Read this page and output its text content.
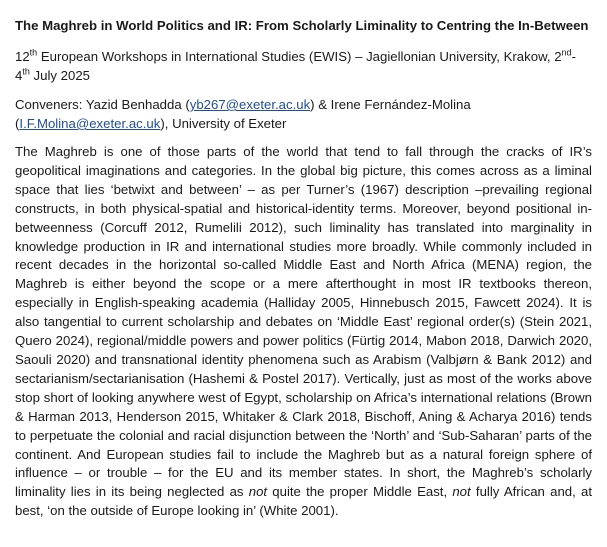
The Maghreb in World Politics and IR: From Scholarly Liminality to Centring the In-Between
12th European Workshops in International Studies (EWIS) – Jagiellonian University, Krakow, 2nd-
4th July 2025
Conveners: Yazid Benhadda (yb267@exeter.ac.uk) & Irene Fernández-Molina
(I.F.Molina@exeter.ac.uk), University of Exeter
The Maghreb is one of those parts of the world that tend to fall through the cracks of IR’s geopolitical imaginations and categories. In the global big picture, this comes across as a liminal space that lies ‘betwixt and between’ – as per Turner’s (1967) description –prevailing regional constructs, in both physical-spatial and historical-identity terms. Moreover, beyond positional in-betweenness (Corcuff 2012, Rumelili 2012), such liminality has translated into marginality in knowledge production in IR and international studies more broadly. While commonly included in recent decades in the horizontal so-called Middle East and North Africa (MENA) region, the Maghreb is either beyond the scope or a mere afterthought in most IR textbooks thereon, especially in English-speaking academia (Halliday 2005, Hinnebusch 2015, Fawcett 2024). It is also tangential to current scholarship and debates on ‘Middle East’ regional order(s) (Stein 2021, Quero 2024), regional/middle powers and power politics (Fürtig 2014, Mabon 2018, Darwich 2020, Saouli 2020) and transnational identity phenomena such as Arabism (Valbjørn & Bank 2012) and sectarianism/sectarianisation (Hashemi & Postel 2017). Vertically, just as most of the works above stop short of looking anywhere west of Egypt, scholarship on Africa’s international relations (Brown & Harman 2013, Henderson 2015, Whitaker & Clark 2018, Bischoff, Aning & Acharya 2016) tends to perpetuate the colonial and racial disjunction between the ‘North’ and ‘Sub-Saharan’ parts of the continent. And European studies fail to include the Maghreb but as a natural foreign sphere of influence – or trouble – for the EU and its member states. In short, the Maghreb’s scholarly liminality lies in its being neglected as not quite the proper Middle East, not fully African and, at best, ‘on the outside of Europe looking in’ (White 2001).
